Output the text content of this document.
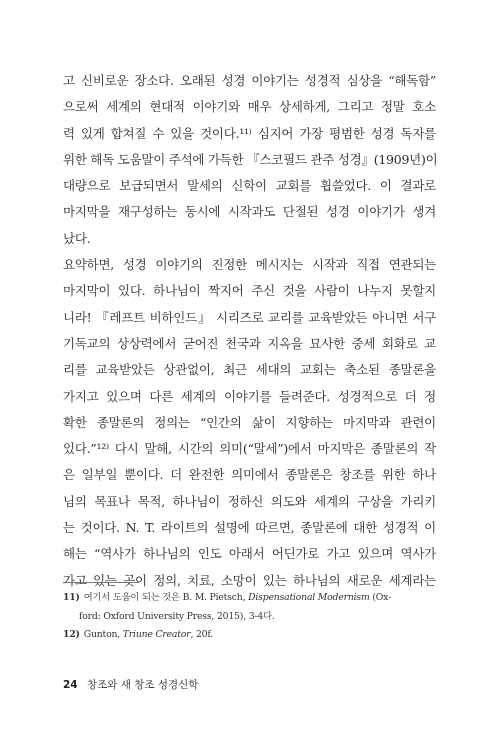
고 신비로운 장소다. 오래된 성경 이야기는 성경적 심상을 “해독함”
으로써 세계의 현대적 이야기와 매우 상세하게, 그리고 정말 호소
력 있게 합쳐질 수 있을 것이다.¹¹⁾ 심지어 가장 평범한 성경 독자를
위한 해독 도움말이 주석에 가득한 『스코필드 관주 성경』(1909년)이
대량으로 보급되면서 말세의 신학이 교회를 휩쓸었다. 이 결과로
마지막을 재구성하는 동시에 시작과도 단절된 성경 이야기가 생겨
났다.
요약하면, 성경 이야기의 진정한 메시지는 시작과 직접 연관되는
마지막이 있다. 하나님이 짝지어 주신 것을 사람이 나누지 못할지
니라! 『레프트 비하인드』 시리즈로 교리를 교육받았든 아니면 서구
기독교의 상상력에서 굳어진 천국과 지옥을 묘사한 중세 회화로 교
리를 교육받았든 상관없이, 최근 세대의 교회는 축소된 종말론을
가지고 있으며 다른 세계의 이야기를 들려준다. 성경적으로 더 정
확한 종말론의 정의는 “인간의 삶이 지향하는 마지막과 관련이
있다.”¹²⁾ 다시 말해, 시간의 의미(“말세”)에서 마지막은 종말론의 작
은 일부일 뿐이다. 더 완전한 의미에서 종말론은 창조를 위한 하나
님의 목표나 목적, 하나님이 정하신 의도와 세계의 구상을 가리키
는 것이다. N. T. 라이트의 설명에 따르면, 종말론에 대한 성경적 이
해는 “역사가 하나님의 인도 아래서 어딘가로 가고 있으며 역사가
가고 있는 곳이 정의, 치료, 소망이 있는 하나님의 새로운 세계라는
11) 여기서 도움이 되는 것은 B. M. Pietsch, Dispensational Modernism (Ox-
ford: Oxford University Press, 2015), 3-4다.
12) Gunton, Triune Creator, 20f.
24 창조와 새 창조 성경신학
